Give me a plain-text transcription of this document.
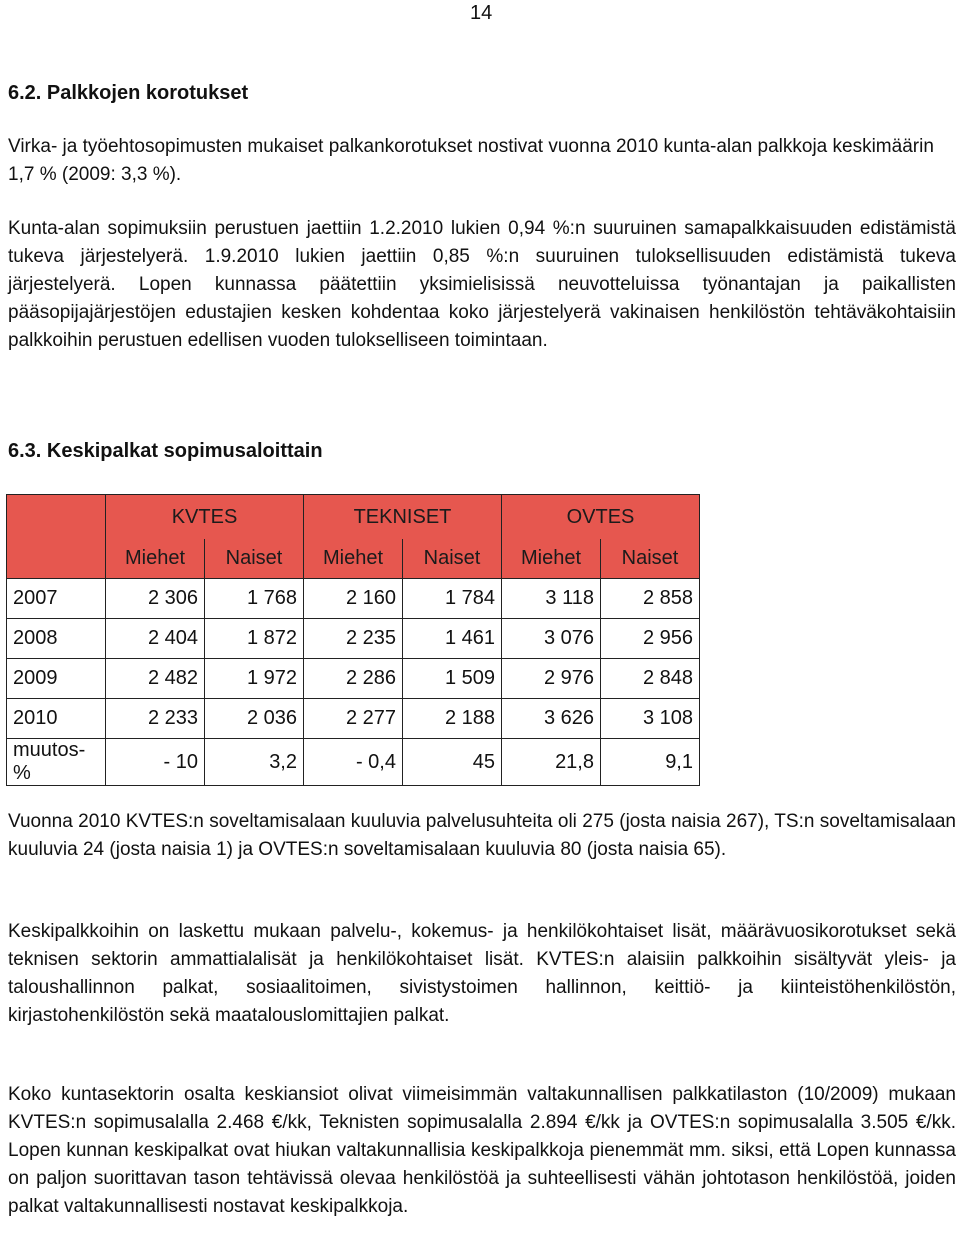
14
6.2. Palkkojen korotukset

Virka- ja työehtosopimusten mukaiset palkankorotukset nostivat vuonna 2010 kunta-alan palkkoja keskimäärin 1,7 % (2009: 3,3 %).

Kunta-alan sopimuksiin perustuen jaettiin 1.2.2010 lukien 0,94 %:n suuruinen samapalkkaisuuden edistämistä tukeva järjestelyerä. 1.9.2010 lukien jaettiin 0,85 %:n suuruinen tuloksellisuuden edistämistä tukeva järjestelyerä. Lopen kunnassa päätettiin yksimielisissä neuvotteluissa työnantajan ja paikallisten pääsopijajärjestöjen edustajien kesken kohdentaa koko järjestelyerä vakinaisen henkilöstön tehtäväkohtaisiin palkkoihin perustuen edellisen vuoden tulokselliseen toimintaan.

6.3. Keskipalkat sopimusaloittain
	KVTES		TEKNISET		OVTES	
	Miehet	Naiset	Miehet	Naiset	Miehet	Naiset
2007	2 306	1 768	2 160	1 784	3 118	2 858
2008	2 404	1 872	2 235	1 461	3 076	2 956
2009	2 482	1 972	2 286	1 509	2 976	2 848
2010	2 233	2 036	2 277	2 188	3 626	3 108
muutos-%	- 10	3,2	- 0,4	45	21,8	9,1

Vuonna 2010 KVTES:n soveltamisalaan kuuluvia palvelusuhteita oli 275 (josta naisia 267), TS:n soveltamisalaan kuuluvia 24 (josta naisia 1) ja OVTES:n soveltamisalaan kuuluvia 80 (josta naisia 65).

Keskipalkkoihin on laskettu mukaan palvelu-, kokemus- ja henkilökohtaiset lisät, määrävuosikorotukset sekä teknisen sektorin ammattialalisät ja henkilökohtaiset lisät. KVTES:n alaisiin palkkoihin sisältyvät yleis- ja taloushallinnon palkat, sosiaalitoimen, sivistystoimen hallinnon, keittiö- ja kiinteistöhenkilöstön, kirjastohenkilöstön sekä maatalouslomittajien palkat.

Koko kuntasektorin osalta keskiansiot olivat viimeisimmän valtakunnallisen palkkatilaston (10/2009) mukaan KVTES:n sopimusalalla 2.468 €/kk, Teknisten sopimusalalla 2.894 €/kk ja OVTES:n sopimusalalla 3.505 €/kk. Lopen kunnan keskipalkat ovat hiukan valtakunnallisia keskipalkkoja pienemmät mm. siksi, että Lopen kunnassa on paljon suorittavan tason tehtävissä olevaa henkilöstöä ja suhteellisesti vähän johtotason henkilöstöä, joiden palkat valtakunnallisesti nostavat keskipalkkoja.
